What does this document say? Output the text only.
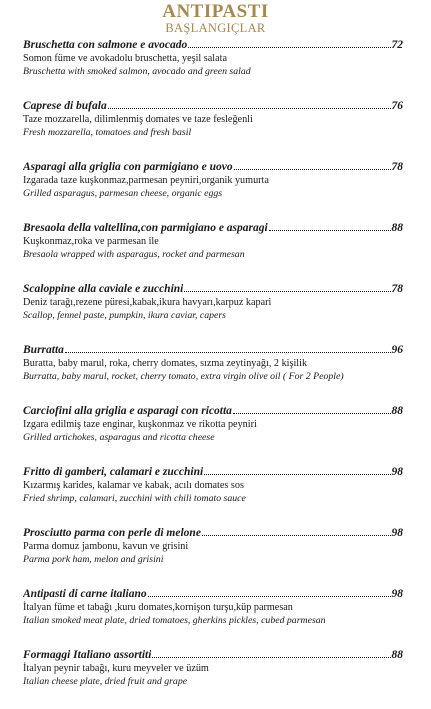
ANTIPASTI
BAŞLANGIÇLAR
Bruschetta con salmone e avocado	72
Somon füme ve avokadolu bruschetta, yeşil salata
Bruschetta with smoked salmon, avocado and green salad
Caprese di bufala	76
Taze mozzarella, dilimlenmiş domates ve taze fesleğenli
Fresh mozzarella, tomatoes and fresh basil
Asparagi alla griglia con parmigiano e uovo	78
Izgarada taze kuşkonmaz,parmesan peyniri,organik yumurta
Grilled asparagus, parmesan cheese, organic eggs
Bresaola della valtellina,con parmigiano e asparagi	88
Kuşkonmaz,roka ve parmesan ile
Bresaola wrapped with asparagus, rocket and parmesan
Scaloppine alla caviale e zucchini	78
Deniz tarağı,rezene püresi,kabak,ikura havyarı,karpuz kapari
Scallop, fennel paste, pumpkin, ikura caviar, capers
Burratta	96
Buratta, baby marul, roka, cherry domates, sızma zeytinyağı, 2 kişilik
Burratta, baby marul, rocket, cherry tomato, extra virgin olive oil ( For 2 People)
Carciofini alla griglia e asparagi con ricotta	88
Izgara edilmiş taze enginar, kuşkonmaz ve rikotta peyniri
Grilled artichokes, asparagus and ricotta cheese
Fritto di gamberi, calamari e zucchini	98
Kızarmış karides, kalamar ve kabak, acılı domates sos
Fried shrimp, calamari, zucchini with chili tomato sauce
Prosciutto parma con perle di melone	98
Parma domuz jambonu, kavun ve grisini
Parma pork ham, melon and grisini
Antipasti di carne italiano	98
İtalyan füme et tabağı ,kuru domates,kornişon turşu,küp parmesan
Italian smoked meat plate, dried tomatoes, gherkins pickles, cubed parmesan
Formaggi Italiano assortiti	88
İtalyan peynir tabağı, kuru meyveler ve üzüm
Italian cheese plate, dried fruit and grape
